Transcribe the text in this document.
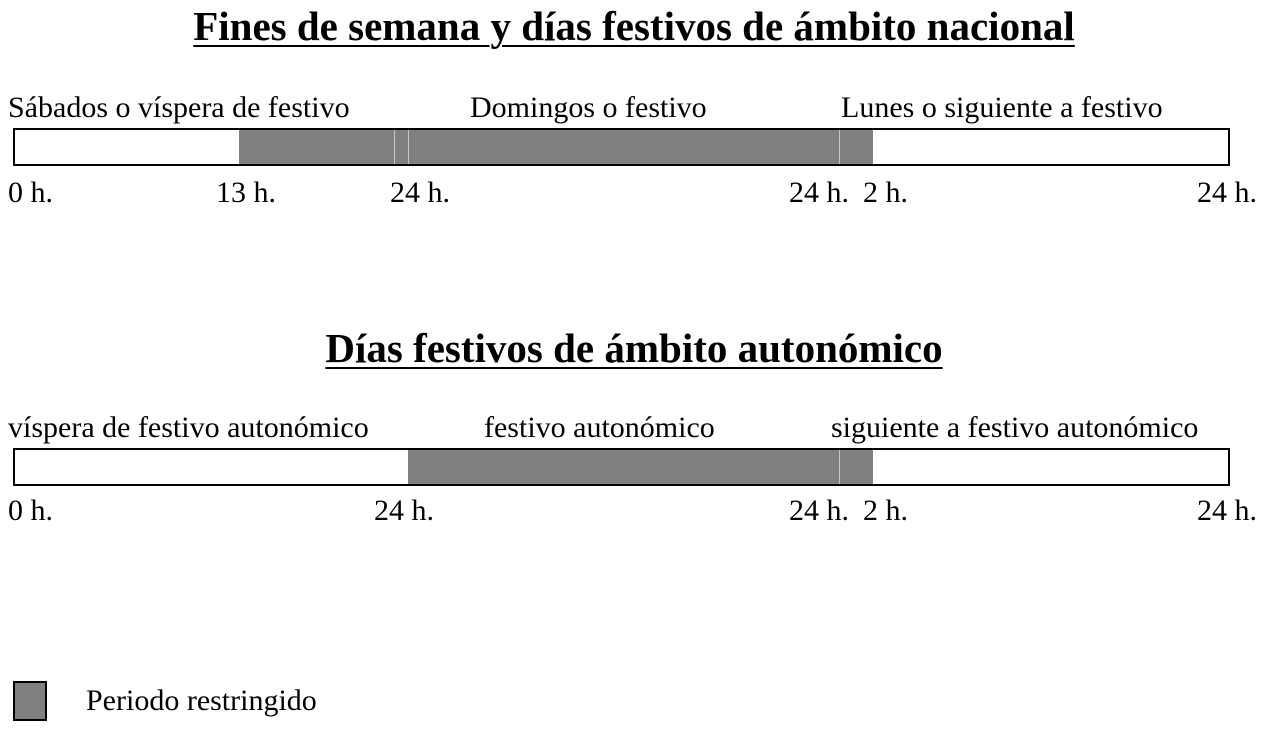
Fines de semana y días festivos de ámbito nacional
Sábados o víspera de festivo	Domingos o festivo	Lunes o siguiente a festivo
0 h.	13 h.	24 h.	24 h. 2 h.	24 h.
Días festivos de ámbito autonómico
víspera de festivo autonómico	festivo autonómico	siguiente a festivo autonómico
0 h.	24 h.	24 h. 2 h.	24 h.
Periodo restringido
